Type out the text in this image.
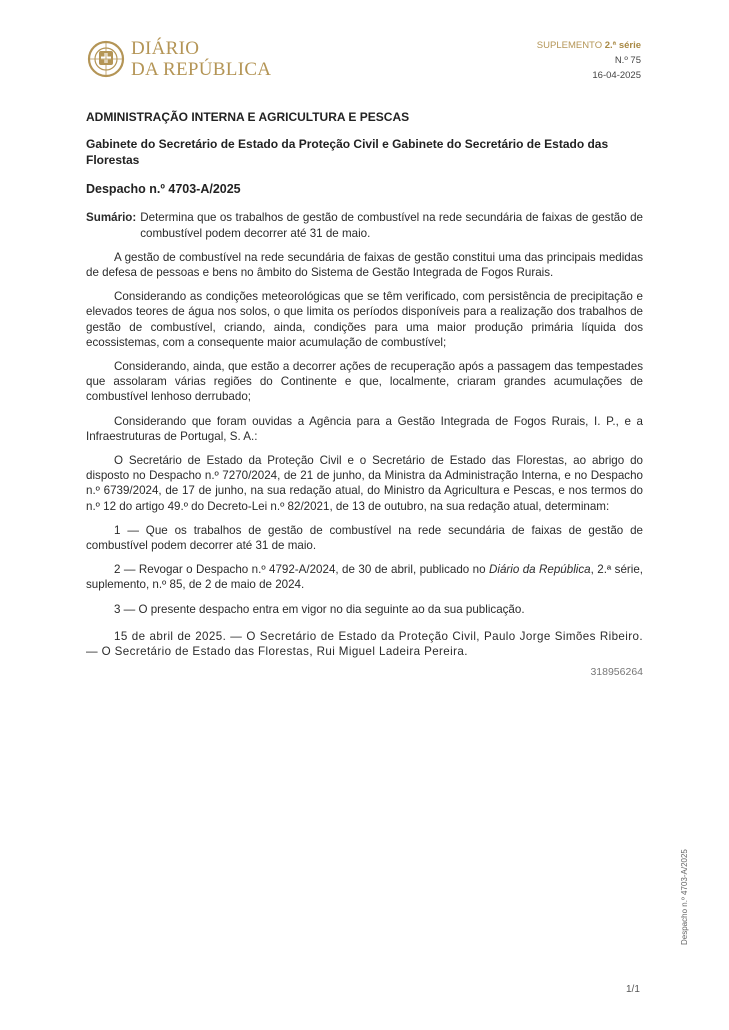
DIÁRIO
DA REPÚBLICA
SUPLEMENTO 2.ª série
N.º 75
16-04-2025

ADMINISTRAÇÃO INTERNA E AGRICULTURA E PESCAS

Gabinete do Secretário de Estado da Proteção Civil e Gabinete do Secretário de Estado das Florestas

Despacho n.º 4703-A/2025

Sumário: Determina que os trabalhos de gestão de combustível na rede secundária de faixas de gestão de combustível podem decorrer até 31 de maio.

A gestão de combustível na rede secundária de faixas de gestão constitui uma das principais medidas de defesa de pessoas e bens no âmbito do Sistema de Gestão Integrada de Fogos Rurais.

Considerando as condições meteorológicas que se têm verificado, com persistência de precipitação e elevados teores de água nos solos, o que limita os períodos disponíveis para a realização dos trabalhos de gestão de combustível, criando, ainda, condições para uma maior produção primária líquida dos ecossistemas, com a consequente maior acumulação de combustível;

Considerando, ainda, que estão a decorrer ações de recuperação após a passagem das tempestades que assolaram várias regiões do Continente e que, localmente, criaram grandes acumulações de combustível lenhoso derrubado;

Considerando que foram ouvidas a Agência para a Gestão Integrada de Fogos Rurais, I. P., e a Infraestruturas de Portugal, S. A.:

O Secretário de Estado da Proteção Civil e o Secretário de Estado das Florestas, ao abrigo do disposto no Despacho n.º 7270/2024, de 21 de junho, da Ministra da Administração Interna, e no Despacho n.º 6739/2024, de 17 de junho, na sua redação atual, do Ministro da Agricultura e Pescas, e nos termos do n.º 12 do artigo 49.º do Decreto-Lei n.º 82/2021, de 13 de outubro, na sua redação atual, determinam:

1 — Que os trabalhos de gestão de combustível na rede secundária de faixas de gestão de combustível podem decorrer até 31 de maio.

2 — Revogar o Despacho n.º 4792-A/2024, de 30 de abril, publicado no Diário da República, 2.ª série, suplemento, n.º 85, de 2 de maio de 2024.

3 — O presente despacho entra em vigor no dia seguinte ao da sua publicação.

15 de abril de 2025. — O Secretário de Estado da Proteção Civil, Paulo Jorge Simões Ribeiro. — O Secretário de Estado das Florestas, Rui Miguel Ladeira Pereira.

318956264

Despacho n.º 4703-A/2025
1/1
